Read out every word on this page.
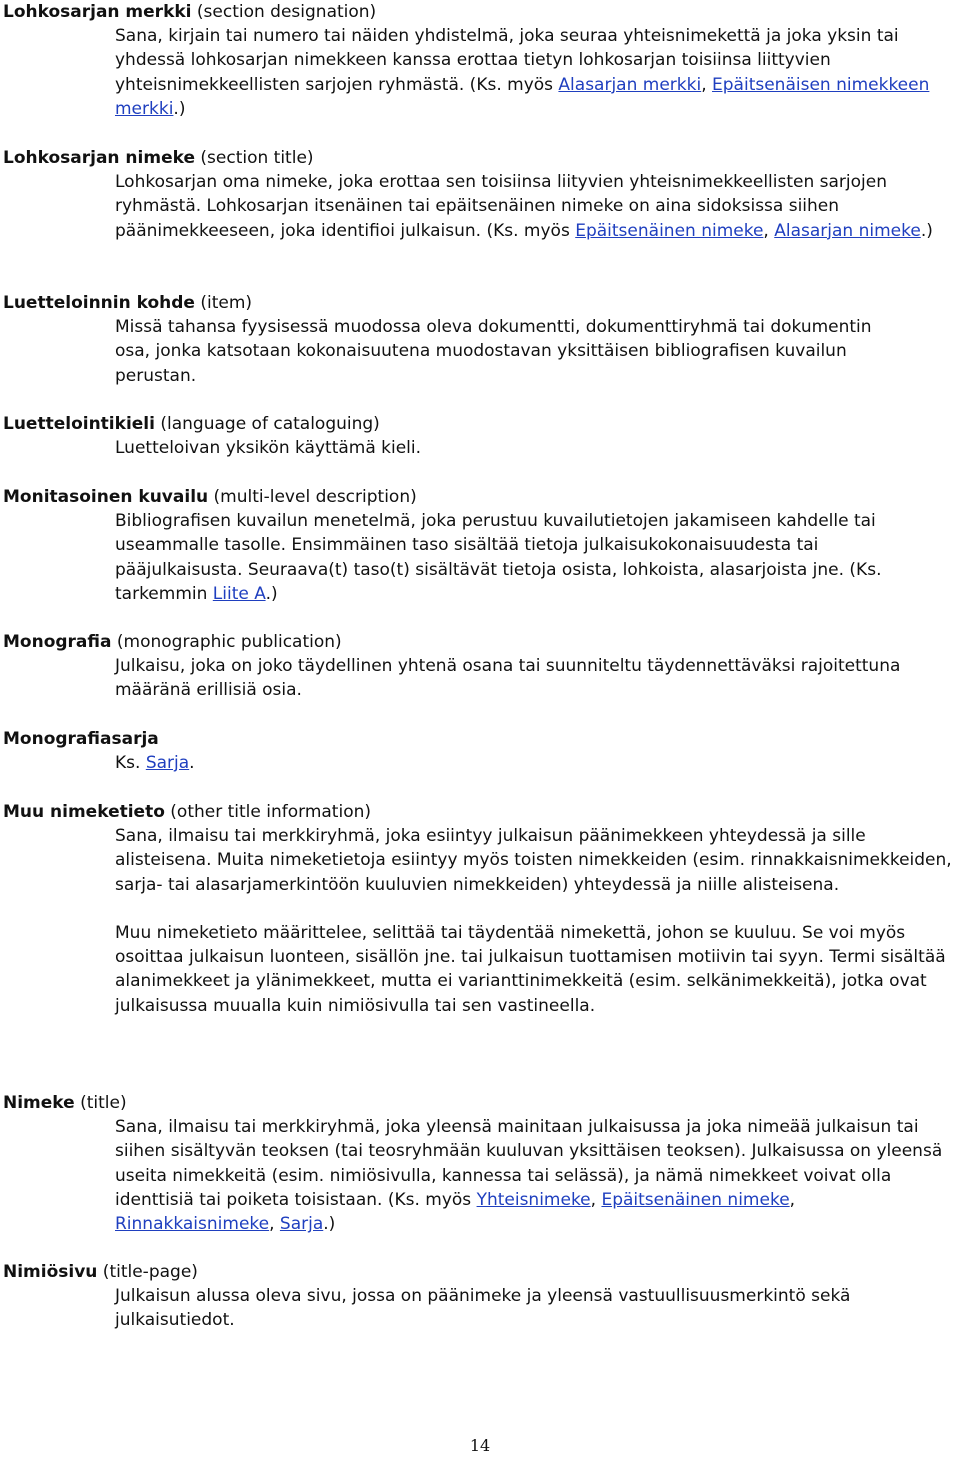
Lohkosarjan merkki (section designation)

Sana, kirjain tai numero tai näiden yhdistelmä, joka seuraa yhteisnimekettä ja joka yksin tai yhdessä lohkosarjan nimekkeen kanssa erottaa tietyn lohkosarjan toisiinsa liittyvien yhteisnimekkeellisten sarjojen ryhmästä. (Ks. myös Alasarjan merkki, Epäitsenäisen nimekkeen merkki.)

Lohkosarjan nimeke (section title)

Lohkosarjan oma nimeke, joka erottaa sen toisiinsa liityvien yhteisnimekkeellisten sarjojen ryhmästä. Lohkosarjan itsenäinen tai epäitsenäinen nimeke on aina sidoksissa siihen päänimekkeeseen, joka identifioi julkaisun. (Ks. myös Epäitsenäinen nimeke, Alasarjan nimeke.)

Luetteloinnin kohde (item)

Missä tahansa fyysisessä muodossa oleva dokumentti, dokumenttiryhmä tai dokumentin osa, jonka katsotaan kokonaisuutena muodostavan yksittäisen bibliografisen kuvailun perustan.

Luettelointikieli (language of cataloguing)

Luetteloivan yksikön käyttämä kieli.

Monitasoinen kuvailu (multi-level description)

Bibliografisen kuvailun menetelmä, joka perustuu kuvailutietojen jakamiseen kahdelle tai useammalle tasolle. Ensimmäinen taso sisältää tietoja julkaisukokonaisuudesta tai pääjulkaisusta. Seuraava(t) taso(t) sisältävät tietoja osista, lohkoista, alasarjoista jne. (Ks. tarkemmin Liite A.)

Monografia (monographic publication)

Julkaisu, joka on joko täydellinen yhtenä osana tai suunniteltu täydennettäväksi rajoitettuna määränä erillisiä osia.

Monografiasarja

Ks. Sarja.

Muu nimeketieto (other title information)

Sana, ilmaisu tai merkkiryhmä, joka esiintyy julkaisun päänimekkeen yhteydessä ja sille alisteisena. Muita nimeketietoja esiintyy myös toisten nimekkeiden (esim. rinnakkaisnimekkeiden, sarja- tai alasarjamerkintöön kuuluvien nimekkeiden) yhteydessä ja niille alisteisena.

Muu nimeketieto määrittelee, selittää tai täydentää nimekettä, johon se kuuluu. Se voi myös osoittaa julkaisun luonteen, sisällön jne. tai julkaisun tuottamisen motiivin tai syyn. Termi sisältää alanimekkeet ja ylänimekkeet, mutta ei varianttinimekkeitä (esim. selkänimekkeitä), jotka ovat julkaisussa muualla kuin nimiösivulla tai sen vastineella.

Nimeke (title)

Sana, ilmaisu tai merkkiryhmä, joka yleensä mainitaan julkaisussa ja joka nimeää julkaisun tai siihen sisältyvän teoksen (tai teosryhmään kuuluvan yksittäisen teoksen). Julkaisussa on yleensä useita nimekkeitä (esim. nimiösivulla, kannessa tai selässä), ja nämä nimekkeet voivat olla identtisiä tai poiketa toisistaan. (Ks. myös Yhteisnimeke, Epäitsenäinen nimeke, Rinnakkaisnimeke, Sarja.)

Nimiösivu (title-page)

Julkaisun alussa oleva sivu, jossa on päänimeke ja yleensä vastuullisuusmerkintö sekä julkaisutiedot.

14
